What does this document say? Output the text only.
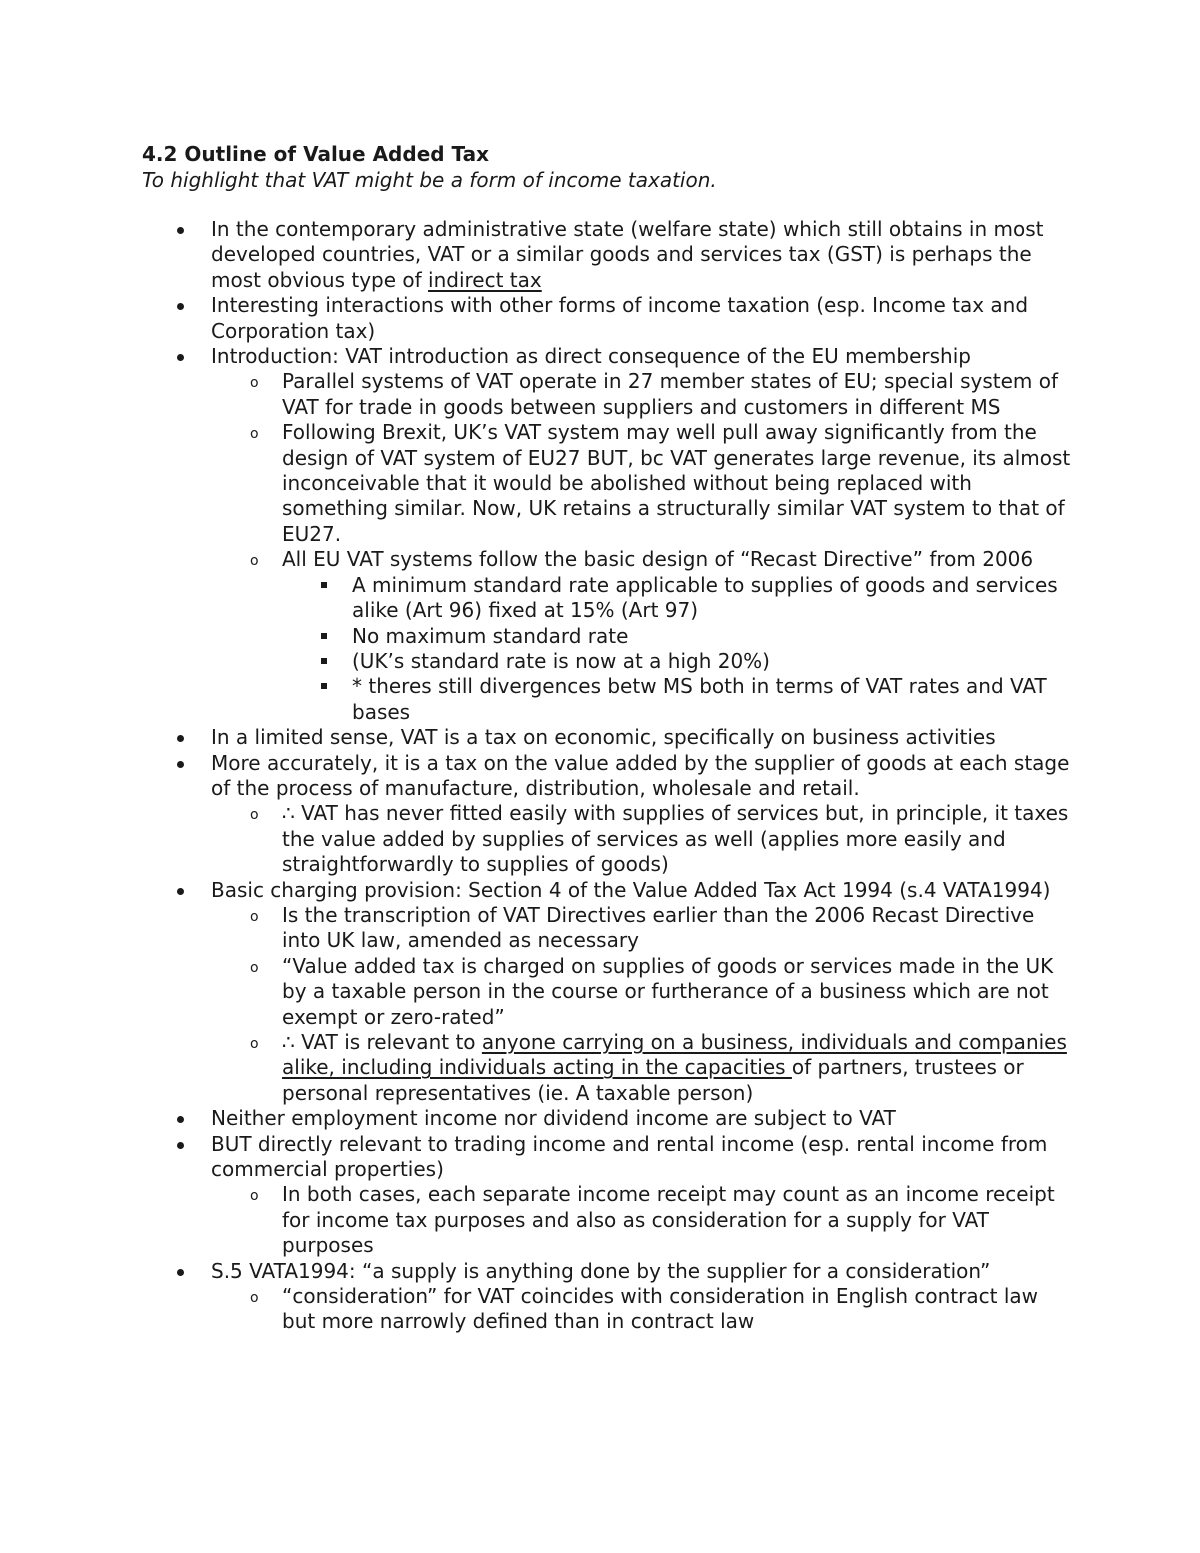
4.2 Outline of Value Added Tax
To highlight that VAT might be a form of income taxation.
In the contemporary administrative state (welfare state) which still obtains in most developed countries, VAT or a similar goods and services tax (GST) is perhaps the most obvious type of indirect tax
Interesting interactions with other forms of income taxation (esp. Income tax and Corporation tax)
Introduction: VAT introduction as direct consequence of the EU membership
o Parallel systems of VAT operate in 27 member states of EU; special system of VAT for trade in goods between suppliers and customers in different MS
o Following Brexit, UK’s VAT system may well pull away significantly from the design of VAT system of EU27 BUT, bc VAT generates large revenue, its almost inconceivable that it would be abolished without being replaced with something similar. Now, UK retains a structurally similar VAT system to that of EU27.
o All EU VAT systems follow the basic design of “Recast Directive” from 2006
A minimum standard rate applicable to supplies of goods and services alike (Art 96) fixed at 15% (Art 97)
No maximum standard rate
(UK’s standard rate is now at a high 20%)
* theres still divergences betw MS both in terms of VAT rates and VAT bases
In a limited sense, VAT is a tax on economic, specifically on business activities
More accurately, it is a tax on the value added by the supplier of goods at each stage of the process of manufacture, distribution, wholesale and retail.
o ∴ VAT has never fitted easily with supplies of services but, in principle, it taxes the value added by supplies of services as well (applies more easily and straightforwardly to supplies of goods)
Basic charging provision: Section 4 of the Value Added Tax Act 1994 (s.4 VATA1994)
o Is the transcription of VAT Directives earlier than the 2006 Recast Directive into UK law, amended as necessary
o “Value added tax is charged on supplies of goods or services made in the UK by a taxable person in the course or furtherance of a business which are not exempt or zero-rated”
o ∴ VAT is relevant to anyone carrying on a business, individuals and companies alike, including individuals acting in the capacities of partners, trustees or personal representatives (ie. A taxable person)
Neither employment income nor dividend income are subject to VAT
BUT directly relevant to trading income and rental income (esp. rental income from commercial properties)
o In both cases, each separate income receipt may count as an income receipt for income tax purposes and also as consideration for a supply for VAT purposes
S.5 VATA1994: “a supply is anything done by the supplier for a consideration”
o “consideration” for VAT coincides with consideration in English contract law but more narrowly defined than in contract law
